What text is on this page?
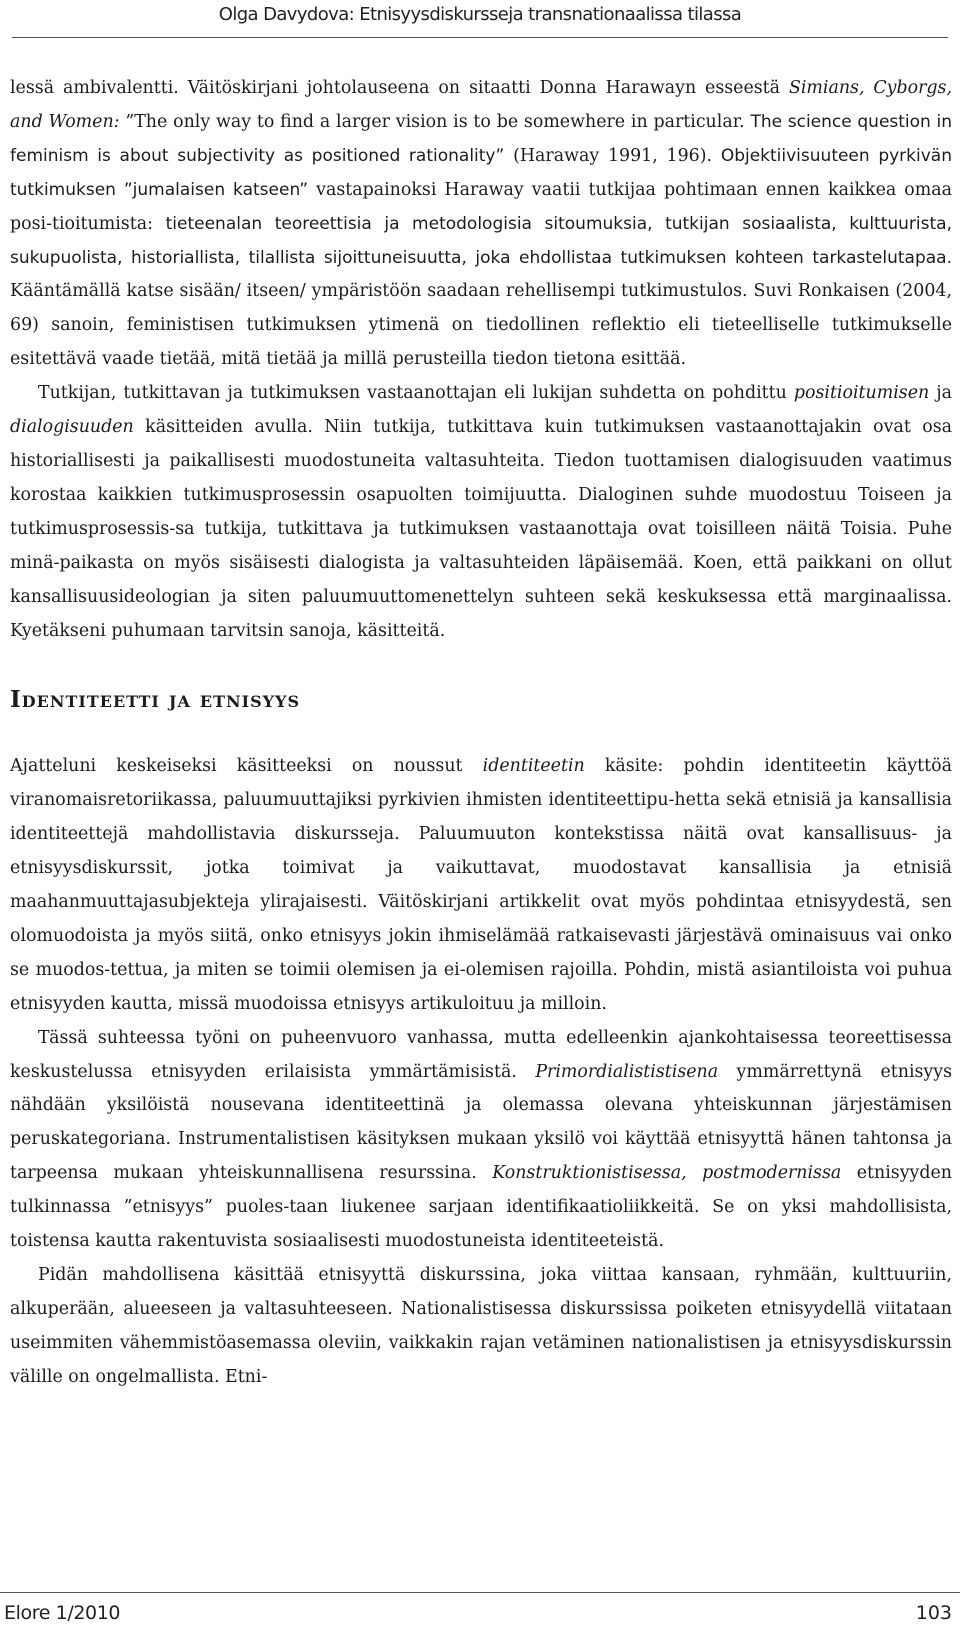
Olga Davydova: Etnisyysdiskursseja transnationaalissa tilassa

lessä ambivalentti. Väitöskirjani johtolauseena on sitaatti Donna Harawayn esseestä Simians, Cyborgs, and Women: ”The only way to find a larger vision is to be somewhere in particular. The science question in feminism is about subjectivity as positioned rationality” (Haraway 1991, 196). Objektiivisuuteen pyrkivän tutkimuksen ”jumalaisen katseen” vastapainoksi Haraway vaatii tutkijaa pohtimaan ennen kaikkea omaa posi-tioitumista: tieteenalan teoreettisia ja metodologisia sitoumuksia, tutkijan sosiaalista, kulttuurista, sukupuolista, historiallista, tilallista sijoittuneisuutta, joka ehdollistaa tutkimuksen kohteen tarkastelutapaa. Kääntämällä katse sisään/ itseen/ ympäristöön saadaan rehellisempi tutkimustulos. Suvi Ronkaisen (2004, 69) sanoin, feministisen tutkimuksen ytimenä on tiedollinen reflektio eli tieteelliselle tutkimukselle esitettävä vaade tietää, mitä tietää ja millä perusteilla tiedon tietona esittää.

Tutkijan, tutkittavan ja tutkimuksen vastaanottajan eli lukijan suhdetta on pohdittu positioitumisen ja dialogisuuden käsitteiden avulla. Niin tutkija, tutkittava kuin tutkimuksen vastaanottajakin ovat osa historiallisesti ja paikallisesti muodostuneita valtasuhteita. Tiedon tuottamisen dialogisuuden vaatimus korostaa kaikkien tutkimusprosessin osapuolten toimijuutta. Dialoginen suhde muodostuu Toiseen ja tutkimusprosessis-sa tutkija, tutkittava ja tutkimuksen vastaanottaja ovat toisilleen näitä Toisia. Puhe minä-paikasta on myös sisäisesti dialogista ja valtasuhteiden läpäisemää. Koen, että paikkani on ollut kansallisuusideologian ja siten paluumuuttomenettelyn suhteen sekä keskuksessa että marginaalissa. Kyetäkseni puhumaan tarvitsin sanoja, käsitteitä.

Identiteetti ja etnisyys

Ajatteluni keskeiseksi käsitteeksi on noussut identiteetin käsite: pohdin identiteetin käyttöä viranomaisretoriikassa, paluumuuttajiksi pyrkivien ihmisten identiteettipu-hetta sekä etnisiä ja kansallisia identiteettejä mahdollistavia diskursseja. Paluumuuton kontekstissa näitä ovat kansallisuus- ja etnisyysdiskurssit, jotka toimivat ja vaikuttavat, muodostavat kansallisia ja etnisiä maahanmuuttajasubjekteja ylirajaisesti. Väitöskirjani artikkelit ovat myös pohdintaa etnisyydestä, sen olomuodoista ja myös siitä, onko etnisyys jokin ihmiselämää ratkaisevasti järjestävä ominaisuus vai onko se muodos-tettua, ja miten se toimii olemisen ja ei-olemisen rajoilla. Pohdin, mistä asiantiloista voi puhua etnisyyden kautta, missä muodoissa etnisyys artikuloituu ja milloin.

Tässä suhteessa työni on puheenvuoro vanhassa, mutta edelleenkin ajankohtaisessa teoreettisessa keskustelussa etnisyyden erilaisista ymmärtämisistä. Primordialististisena ymmärrettynä etnisyys nähdään yksilöistä nousevana identiteettinä ja olemassa olevana yhteiskunnan järjestämisen peruskategoriana. Instrumentalistisen käsityksen mukaan yksilö voi käyttää etnisyyttä hänen tahtonsa ja tarpeensa mukaan yhteiskunnallisena resurssina. Konstruktionistisessa, postmodernissa etnisyyden tulkinnassa ”etnisyys” puoles-taan liukenee sarjaan identifikaatioliikkeitä. Se on yksi mahdollisista, toistensa kautta rakentuvista sosiaalisesti muodostuneista identiteeteistä.

Pidän mahdollisena käsittää etnisyyttä diskurssina, joka viittaa kansaan, ryhmään, kulttuuriin, alkuperään, alueeseen ja valtasuhteeseen. Nationalistisessa diskurssissa poiketen etnisyydellä viitataan useimmiten vähemmistöasemassa oleviin, vaikkakin rajan vetäminen nationalistisen ja etnisyysdiskurssin välille on ongelmallista. Etni-

Elore 1/2010	103
